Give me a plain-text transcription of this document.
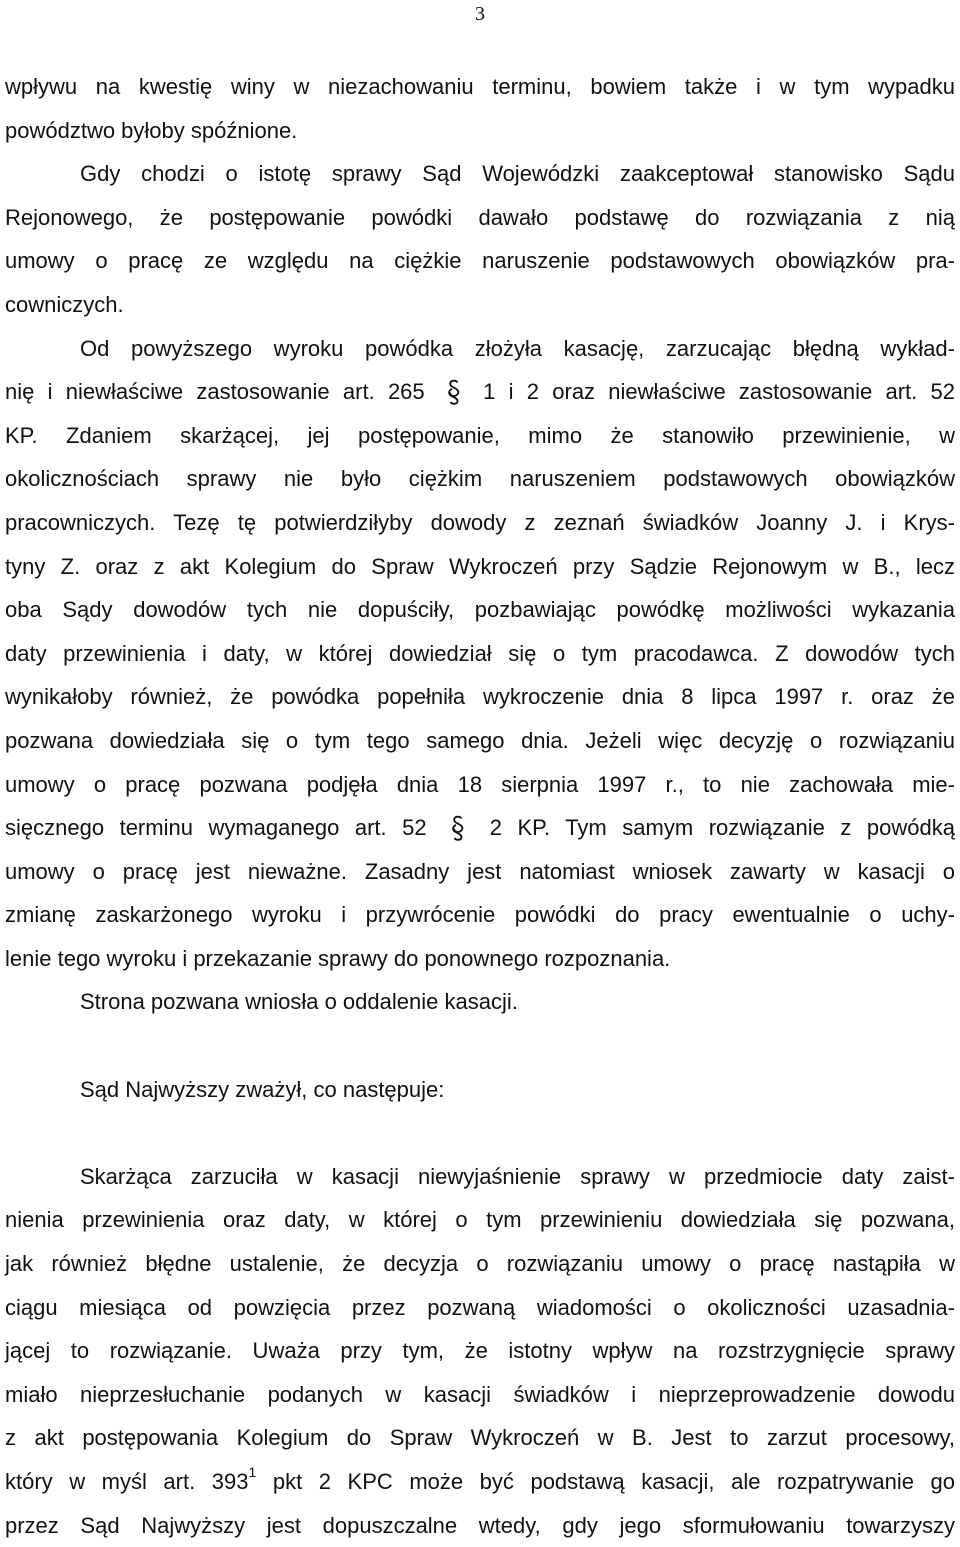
3
wpływu na kwestię winy w niezachowaniu terminu, bowiem także i w tym wypadku
powództwo byłoby spóźnione.
Gdy chodzi o istotę sprawy Sąd Wojewódzki zaakceptował stanowisko Sądu
Rejonowego, że postępowanie powódki dawało podstawę do rozwiązania z nią
umowy o pracę ze względu na ciężkie naruszenie podstawowych obowiązków pra-
cowniczych.
Od powyższego wyroku powódka złożyła kasację, zarzucając błędną wykład-
nię i niewłaściwe zastosowanie art. 265	1 i 2 oraz niewłaściwe zastosowanie art. 52
KP. Zdaniem skarżącej, jej postępowanie, mimo że stanowiło przewinienie, w
okolicznościach sprawy nie było ciężkim naruszeniem podstawowych obowiązków
pracowniczych. Tezę tę potwierdziłyby dowody z zeznań świadków Joanny J. i Krys-
tyny Z. oraz z akt Kolegium do Spraw Wykroczeń przy Sądzie Rejonowym w B., lecz
oba Sądy dowodów tych nie dopuściły, pozbawiając powódkę możliwości wykazania
daty przewinienia i daty, w której dowiedział się o tym pracodawca. Z dowodów tych
wynikałoby również, że powódka popełniła wykroczenie dnia 8 lipca 1997 r. oraz że
pozwana dowiedziała się o tym tego samego dnia. Jeżeli więc decyzję o rozwiązaniu
umowy o pracę pozwana podjęła dnia 18 sierpnia 1997 r., to nie zachowała mie-
sięcznego terminu wymaganego art. 52	2 KP. Tym samym rozwiązanie z powódką
umowy o pracę jest nieważne. Zasadny jest natomiast wniosek zawarty w kasacji o
zmianę zaskarżonego wyroku i przywrócenie powódki do pracy ewentualnie o uchy-
lenie tego wyroku i przekazanie sprawy do ponownego rozpoznania.
Strona pozwana wniosła o oddalenie kasacji.
Sąd Najwyższy zważył, co następuje:
Skarżąca zarzuciła w kasacji niewyjaśnienie sprawy w przedmiocie daty zaist-
nienia przewinienia oraz daty, w której o tym przewinieniu dowiedziała się pozwana,
jak również błędne ustalenie, że decyzja o rozwiązaniu umowy o pracę nastąpiła w
ciągu miesiąca od powzięcia przez pozwaną wiadomości o okoliczności uzasadnia-
jącej to rozwiązanie. Uważa przy tym, że istotny wpływ na rozstrzygnięcie sprawy
miało nieprzesłuchanie podanych w kasacji świadków i nieprzeprowadzenie dowodu
z akt postępowania Kolegium do Spraw Wykroczeń w B. Jest to zarzut procesowy,
który w myśl art. $393^1$ pkt 2 KPC może być podstawą kasacji, ale rozpatrywanie go
przez Sąd Najwyższy jest dopuszczalne wtedy, gdy jego sformułowaniu towarzyszy
